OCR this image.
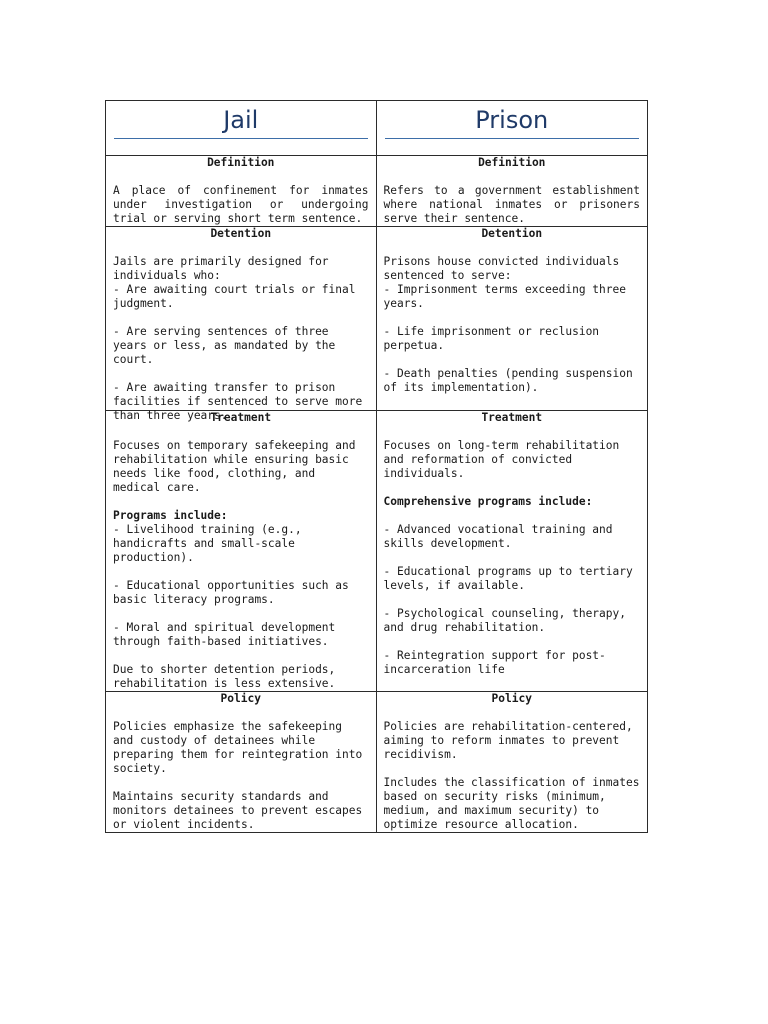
Jail	Prison
Definition
A place of confinement for inmates under investigation or undergoing trial or serving short term sentence.
Definition
Refers to a government establishment where national inmates or prisoners serve their sentence.
Detention
Jails are primarily designed for individuals who:
- Are awaiting court trials or final judgment.
- Are serving sentences of three years or less, as mandated by the court.
- Are awaiting transfer to prison facilities if sentenced to serve more than three years.
Detention
Prisons house convicted individuals sentenced to serve:
- Imprisonment terms exceeding three years.
- Life imprisonment or reclusion perpetua.
- Death penalties (pending suspension of its implementation).
Treatment
Focuses on temporary safekeeping and rehabilitation while ensuring basic needs like food, clothing, and medical care.
Programs include:
- Livelihood training (e.g., handicrafts and small-scale production).
- Educational opportunities such as basic literacy programs.
- Moral and spiritual development through faith-based initiatives.
Due to shorter detention periods, rehabilitation is less extensive.
Treatment
Focuses on long-term rehabilitation and reformation of convicted individuals.
Comprehensive programs include:
- Advanced vocational training and skills development.
- Educational programs up to tertiary levels, if available.
- Psychological counseling, therapy, and drug rehabilitation.
- Reintegration support for post-incarceration life
Policy
Policies emphasize the safekeeping and custody of detainees while preparing them for reintegration into society.
Maintains security standards and monitors detainees to prevent escapes or violent incidents.
Policy
Policies are rehabilitation-centered, aiming to reform inmates to prevent recidivism.
Includes the classification of inmates based on security risks (minimum, medium, and maximum security) to optimize resource allocation.
